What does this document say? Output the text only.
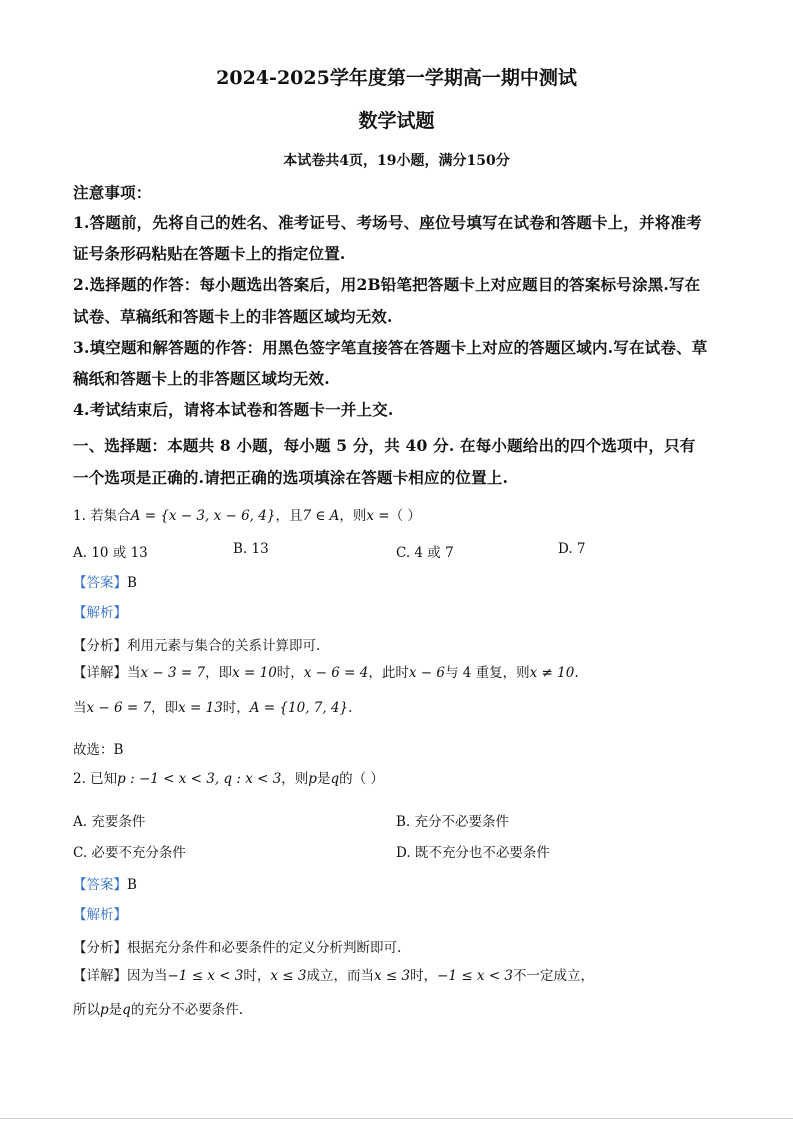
2024-2025学年度第一学期高一期中测试
数学试题
本试卷共4页，19小题，满分150分
注意事项：
1.答题前，先将自己的姓名、准考证号、考场号、座位号填写在试卷和答题卡上，并将准考
证号条形码粘贴在答题卡上的指定位置.
2.选择题的作答：每小题选出答案后，用2B铅笔把答题卡上对应题目的答案标号涂黑.写在
试卷、草稿纸和答题卡上的非答题区域均无效.
3.填空题和解答题的作答：用黑色签字笔直接答在答题卡上对应的答题区域内.写在试卷、草
稿纸和答题卡上的非答题区域均无效.
4.考试结束后，请将本试卷和答题卡一并上交.
一、选择题：本题共 8 小题，每小题 5 分，共 40 分. 在每小题给出的四个选项中，只有
一个选项是正确的.请把正确的选项填涂在答题卡相应的位置上.
1. 若集合A = {x − 3, x − 6, 4}，且7 ∈ A，则x =（ ）
A. 10 或 13	B. 13	C. 4 或 7	D. 7
【答案】B
【解析】
【分析】利用元素与集合的关系计算即可.
【详解】当x − 3 = 7，即x = 10时，x − 6 = 4，此时x − 6与 4 重复，则x ≠ 10.
当x − 6 = 7，即x = 13时，A = {10, 7, 4}.
故选：B
2. 已知p : −1 < x < 3, q : x < 3，则p是q的（ ）
A. 充要条件	B. 充分不必要条件
C. 必要不充分条件	D. 既不充分也不必要条件
【答案】B
【解析】
【分析】根据充分条件和必要条件的定义分析判断即可.
【详解】因为当−1 ≤ x < 3时，x ≤ 3成立，而当x ≤ 3时，−1 ≤ x < 3不一定成立，
所以p是q的充分不必要条件.
